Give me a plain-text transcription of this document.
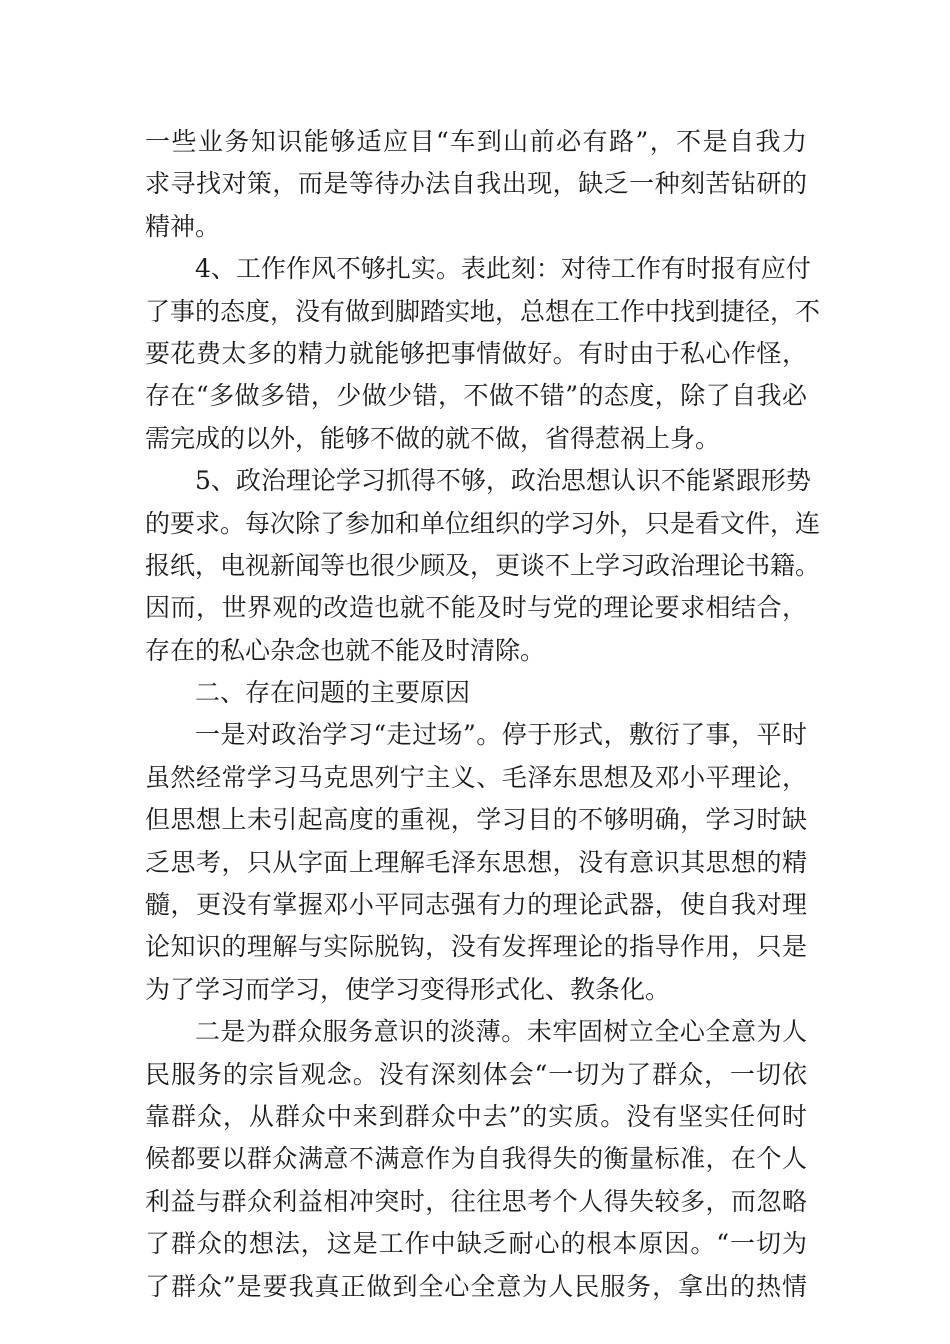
一些业务知识能够适应目“车到山前必有路”，不是自我力
求寻找对策，而是等待办法自我出现，缺乏一种刻苦钻研的
精神。
4、工作作风不够扎实。表此刻：对待工作有时报有应付
了事的态度，没有做到脚踏实地，总想在工作中找到捷径，不
要花费太多的精力就能够把事情做好。有时由于私心作怪，
存在“多做多错，少做少错，不做不错”的态度，除了自我必
需完成的以外，能够不做的就不做，省得惹祸上身。
5、政治理论学习抓得不够，政治思想认识不能紧跟形势
的要求。每次除了参加和单位组织的学习外，只是看文件，连
报纸，电视新闻等也很少顾及，更谈不上学习政治理论书籍。
因而，世界观的改造也就不能及时与党的理论要求相结合，
存在的私心杂念也就不能及时清除。
二、存在问题的主要原因
一是对政治学习“走过场”。停于形式，敷衍了事，平时
虽然经常学习马克思列宁主义、毛泽东思想及邓小平理论，
但思想上未引起高度的重视，学习目的不够明确，学习时缺
乏思考，只从字面上理解毛泽东思想，没有意识其思想的精
髓，更没有掌握邓小平同志强有力的理论武器，使自我对理
论知识的理解与实际脱钩，没有发挥理论的指导作用，只是
为了学习而学习，使学习变得形式化、教条化。
二是为群众服务意识的淡薄。未牢固树立全心全意为人
民服务的宗旨观念。没有深刻体会“一切为了群众，一切依
靠群众，从群众中来到群众中去”的实质。没有坚实任何时
候都要以群众满意不满意作为自我得失的衡量标准，在个人
利益与群众利益相冲突时，往往思考个人得失较多，而忽略
了群众的想法，这是工作中缺乏耐心的根本原因。“一切为
了群众”是要我真正做到全心全意为人民服务，拿出的热情
